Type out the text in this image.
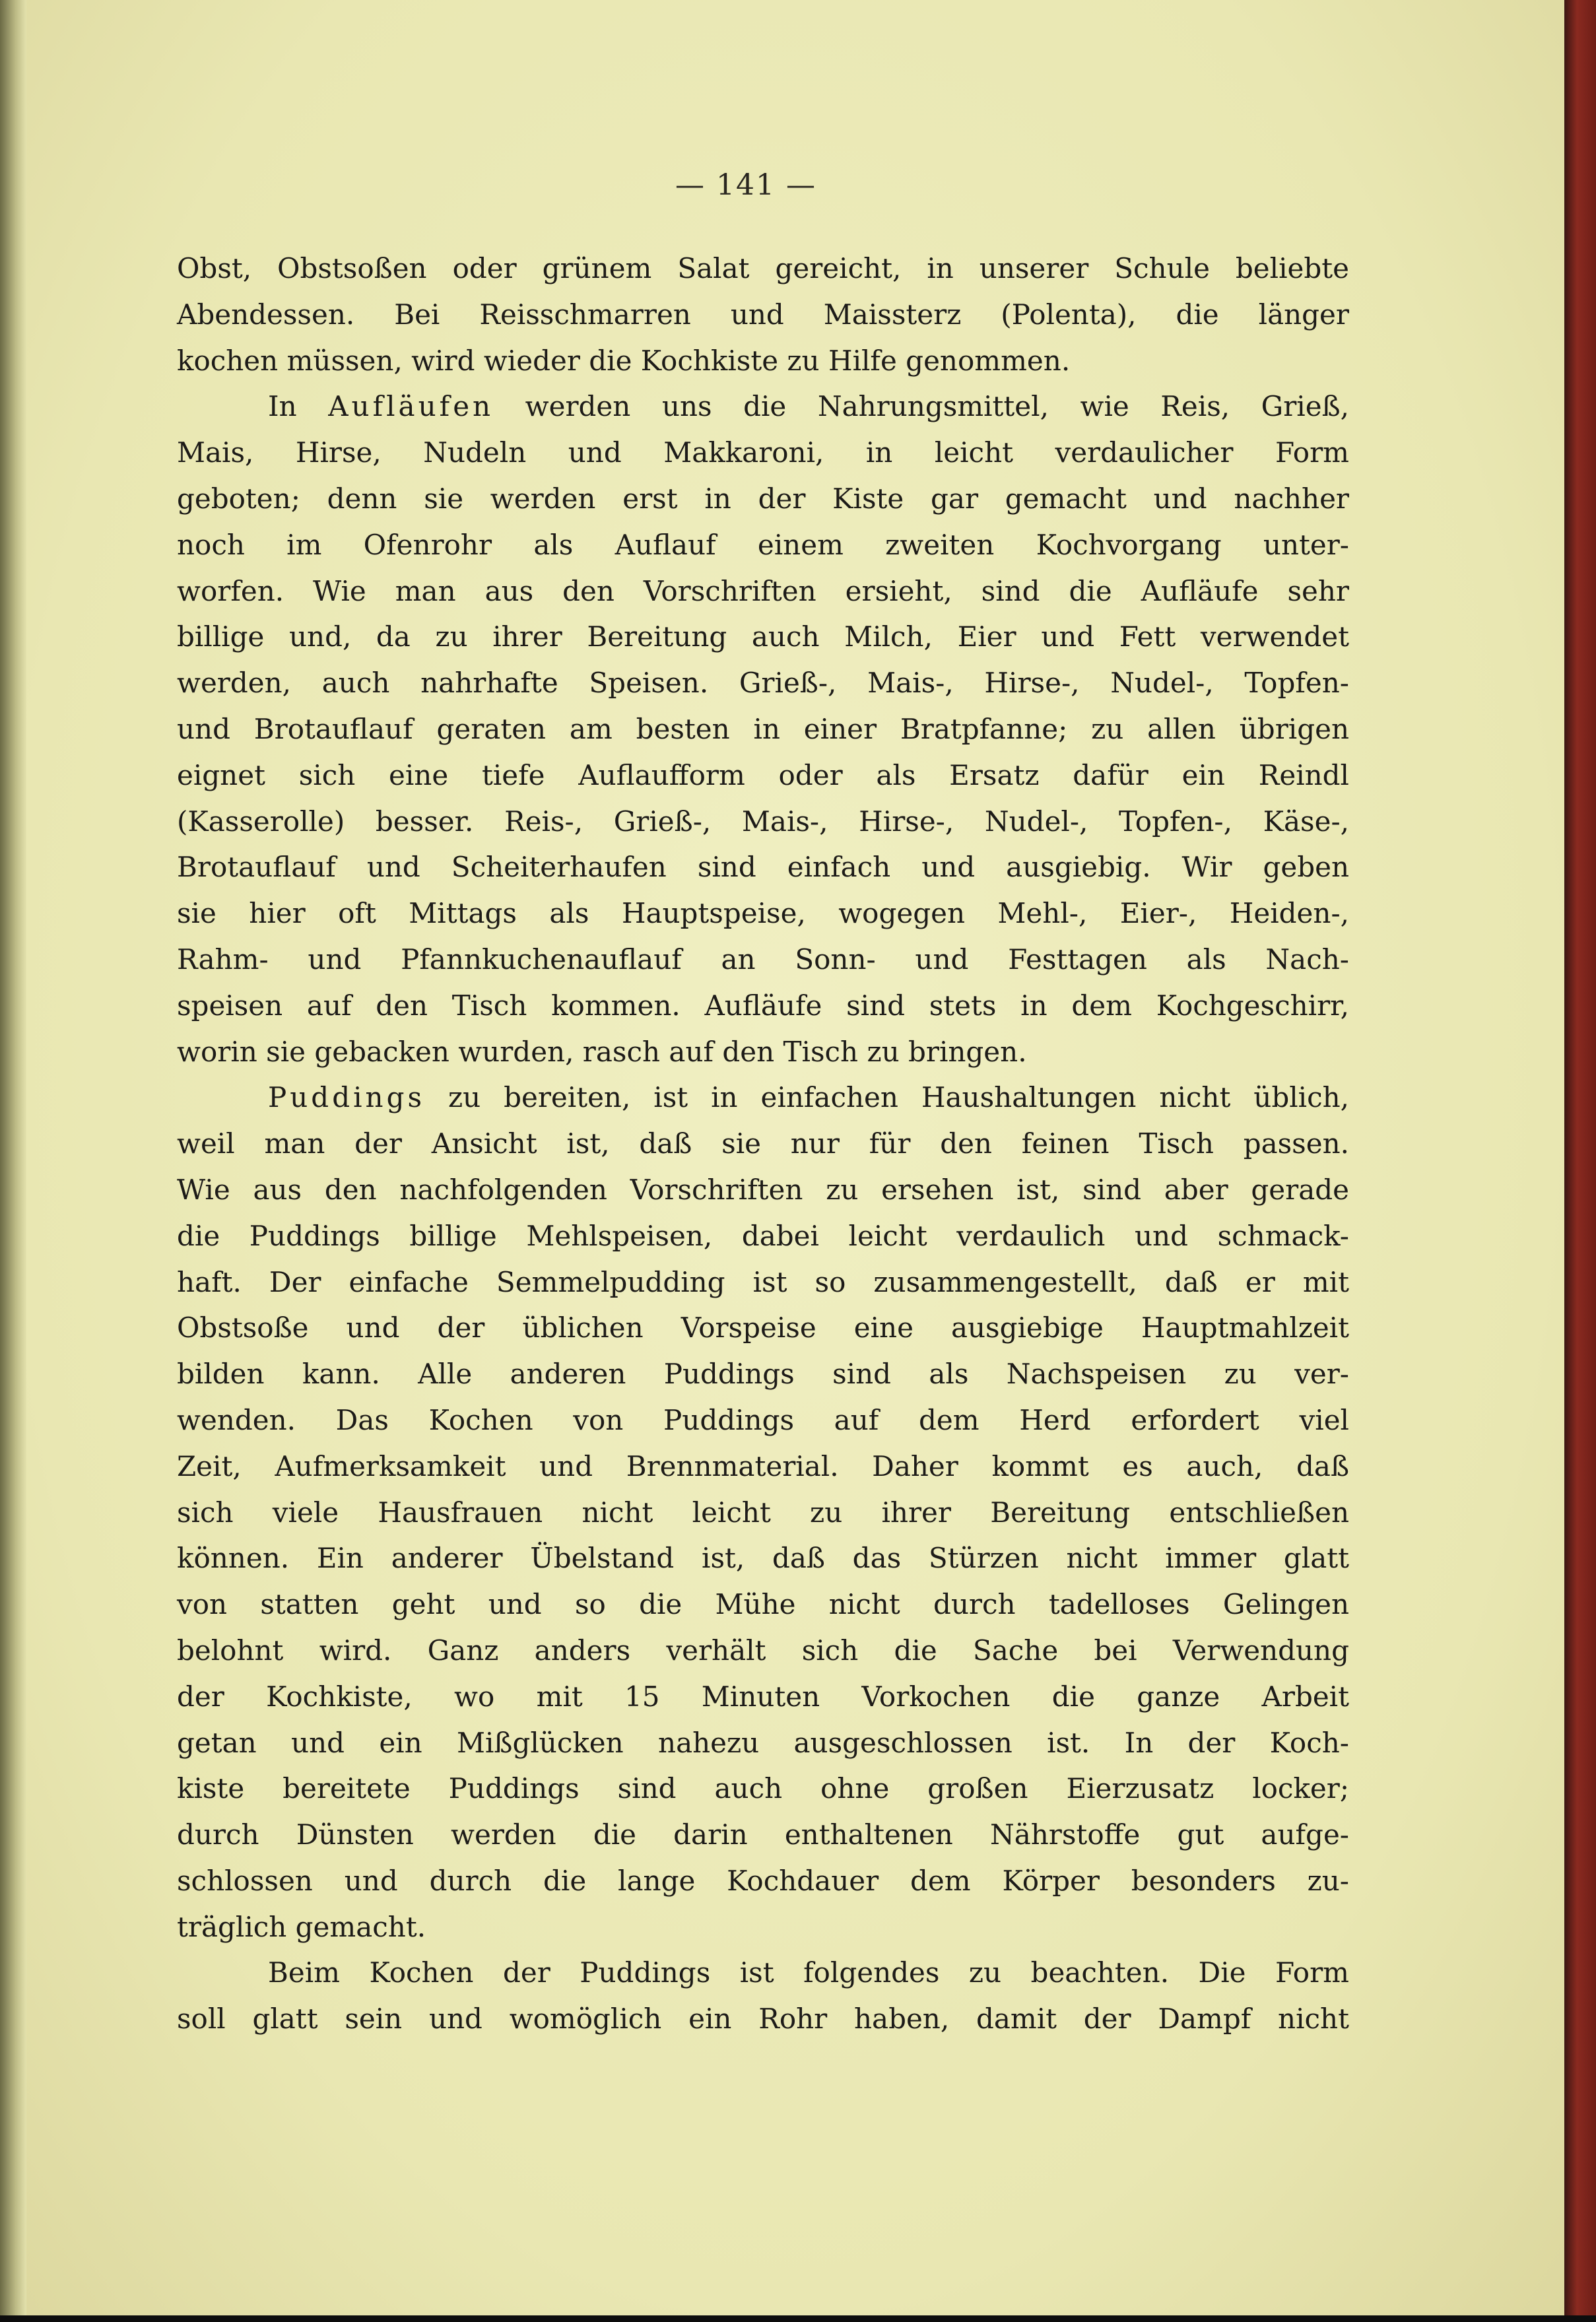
— 141 —
Obst, Obstsoßen oder grünem Salat gereicht, in unserer Schule beliebte
Abendessen. Bei Reisschmarren und Maissterz (Polenta), die länger
kochen müssen, wird wieder die Kochkiste zu Hilfe genommen.
In Aufläufen werden uns die Nahrungsmittel, wie Reis, Grieß,
Mais, Hirse, Nudeln und Makkaroni, in leicht verdaulicher Form
geboten; denn sie werden erst in der Kiste gar gemacht und nachher
noch im Ofenrohr als Auflauf einem zweiten Kochvorgang unter-
worfen. Wie man aus den Vorschriften ersieht, sind die Aufläufe sehr
billige und, da zu ihrer Bereitung auch Milch, Eier und Fett verwendet
werden, auch nahrhafte Speisen. Grieß-, Mais-, Hirse-, Nudel-, Topfen-
und Brotauflauf geraten am besten in einer Bratpfanne; zu allen übrigen
eignet sich eine tiefe Auflaufform oder als Ersatz dafür ein Reindl
(Kasserolle) besser. Reis-, Grieß-, Mais-, Hirse-, Nudel-, Topfen-, Käse-,
Brotauflauf und Scheiterhaufen sind einfach und ausgiebig. Wir geben
sie hier oft Mittags als Hauptspeise, wogegen Mehl-, Eier-, Heiden-,
Rahm- und Pfannkuchenauflauf an Sonn- und Festtagen als Nach-
speisen auf den Tisch kommen. Aufläufe sind stets in dem Kochgeschirr,
worin sie gebacken wurden, rasch auf den Tisch zu bringen.
Puddings zu bereiten, ist in einfachen Haushaltungen nicht üblich,
weil man der Ansicht ist, daß sie nur für den feinen Tisch passen.
Wie aus den nachfolgenden Vorschriften zu ersehen ist, sind aber gerade
die Puddings billige Mehlspeisen, dabei leicht verdaulich und schmack-
haft. Der einfache Semmelpudding ist so zusammengestellt, daß er mit
Obstsoße und der üblichen Vorspeise eine ausgiebige Hauptmahlzeit
bilden kann. Alle anderen Puddings sind als Nachspeisen zu ver-
wenden. Das Kochen von Puddings auf dem Herd erfordert viel
Zeit, Aufmerksamkeit und Brennmaterial. Daher kommt es auch, daß
sich viele Hausfrauen nicht leicht zu ihrer Bereitung entschließen
können. Ein anderer Übelstand ist, daß das Stürzen nicht immer glatt
von statten geht und so die Mühe nicht durch tadelloses Gelingen
belohnt wird. Ganz anders verhält sich die Sache bei Verwendung
der Kochkiste, wo mit 15 Minuten Vorkochen die ganze Arbeit
getan und ein Mißglücken nahezu ausgeschlossen ist. In der Koch-
kiste bereitete Puddings sind auch ohne großen Eierzusatz locker;
durch Dünsten werden die darin enthaltenen Nährstoffe gut aufge-
schlossen und durch die lange Kochdauer dem Körper besonders zu-
träglich gemacht.
Beim Kochen der Puddings ist folgendes zu beachten. Die Form
soll glatt sein und womöglich ein Rohr haben, damit der Dampf nicht
